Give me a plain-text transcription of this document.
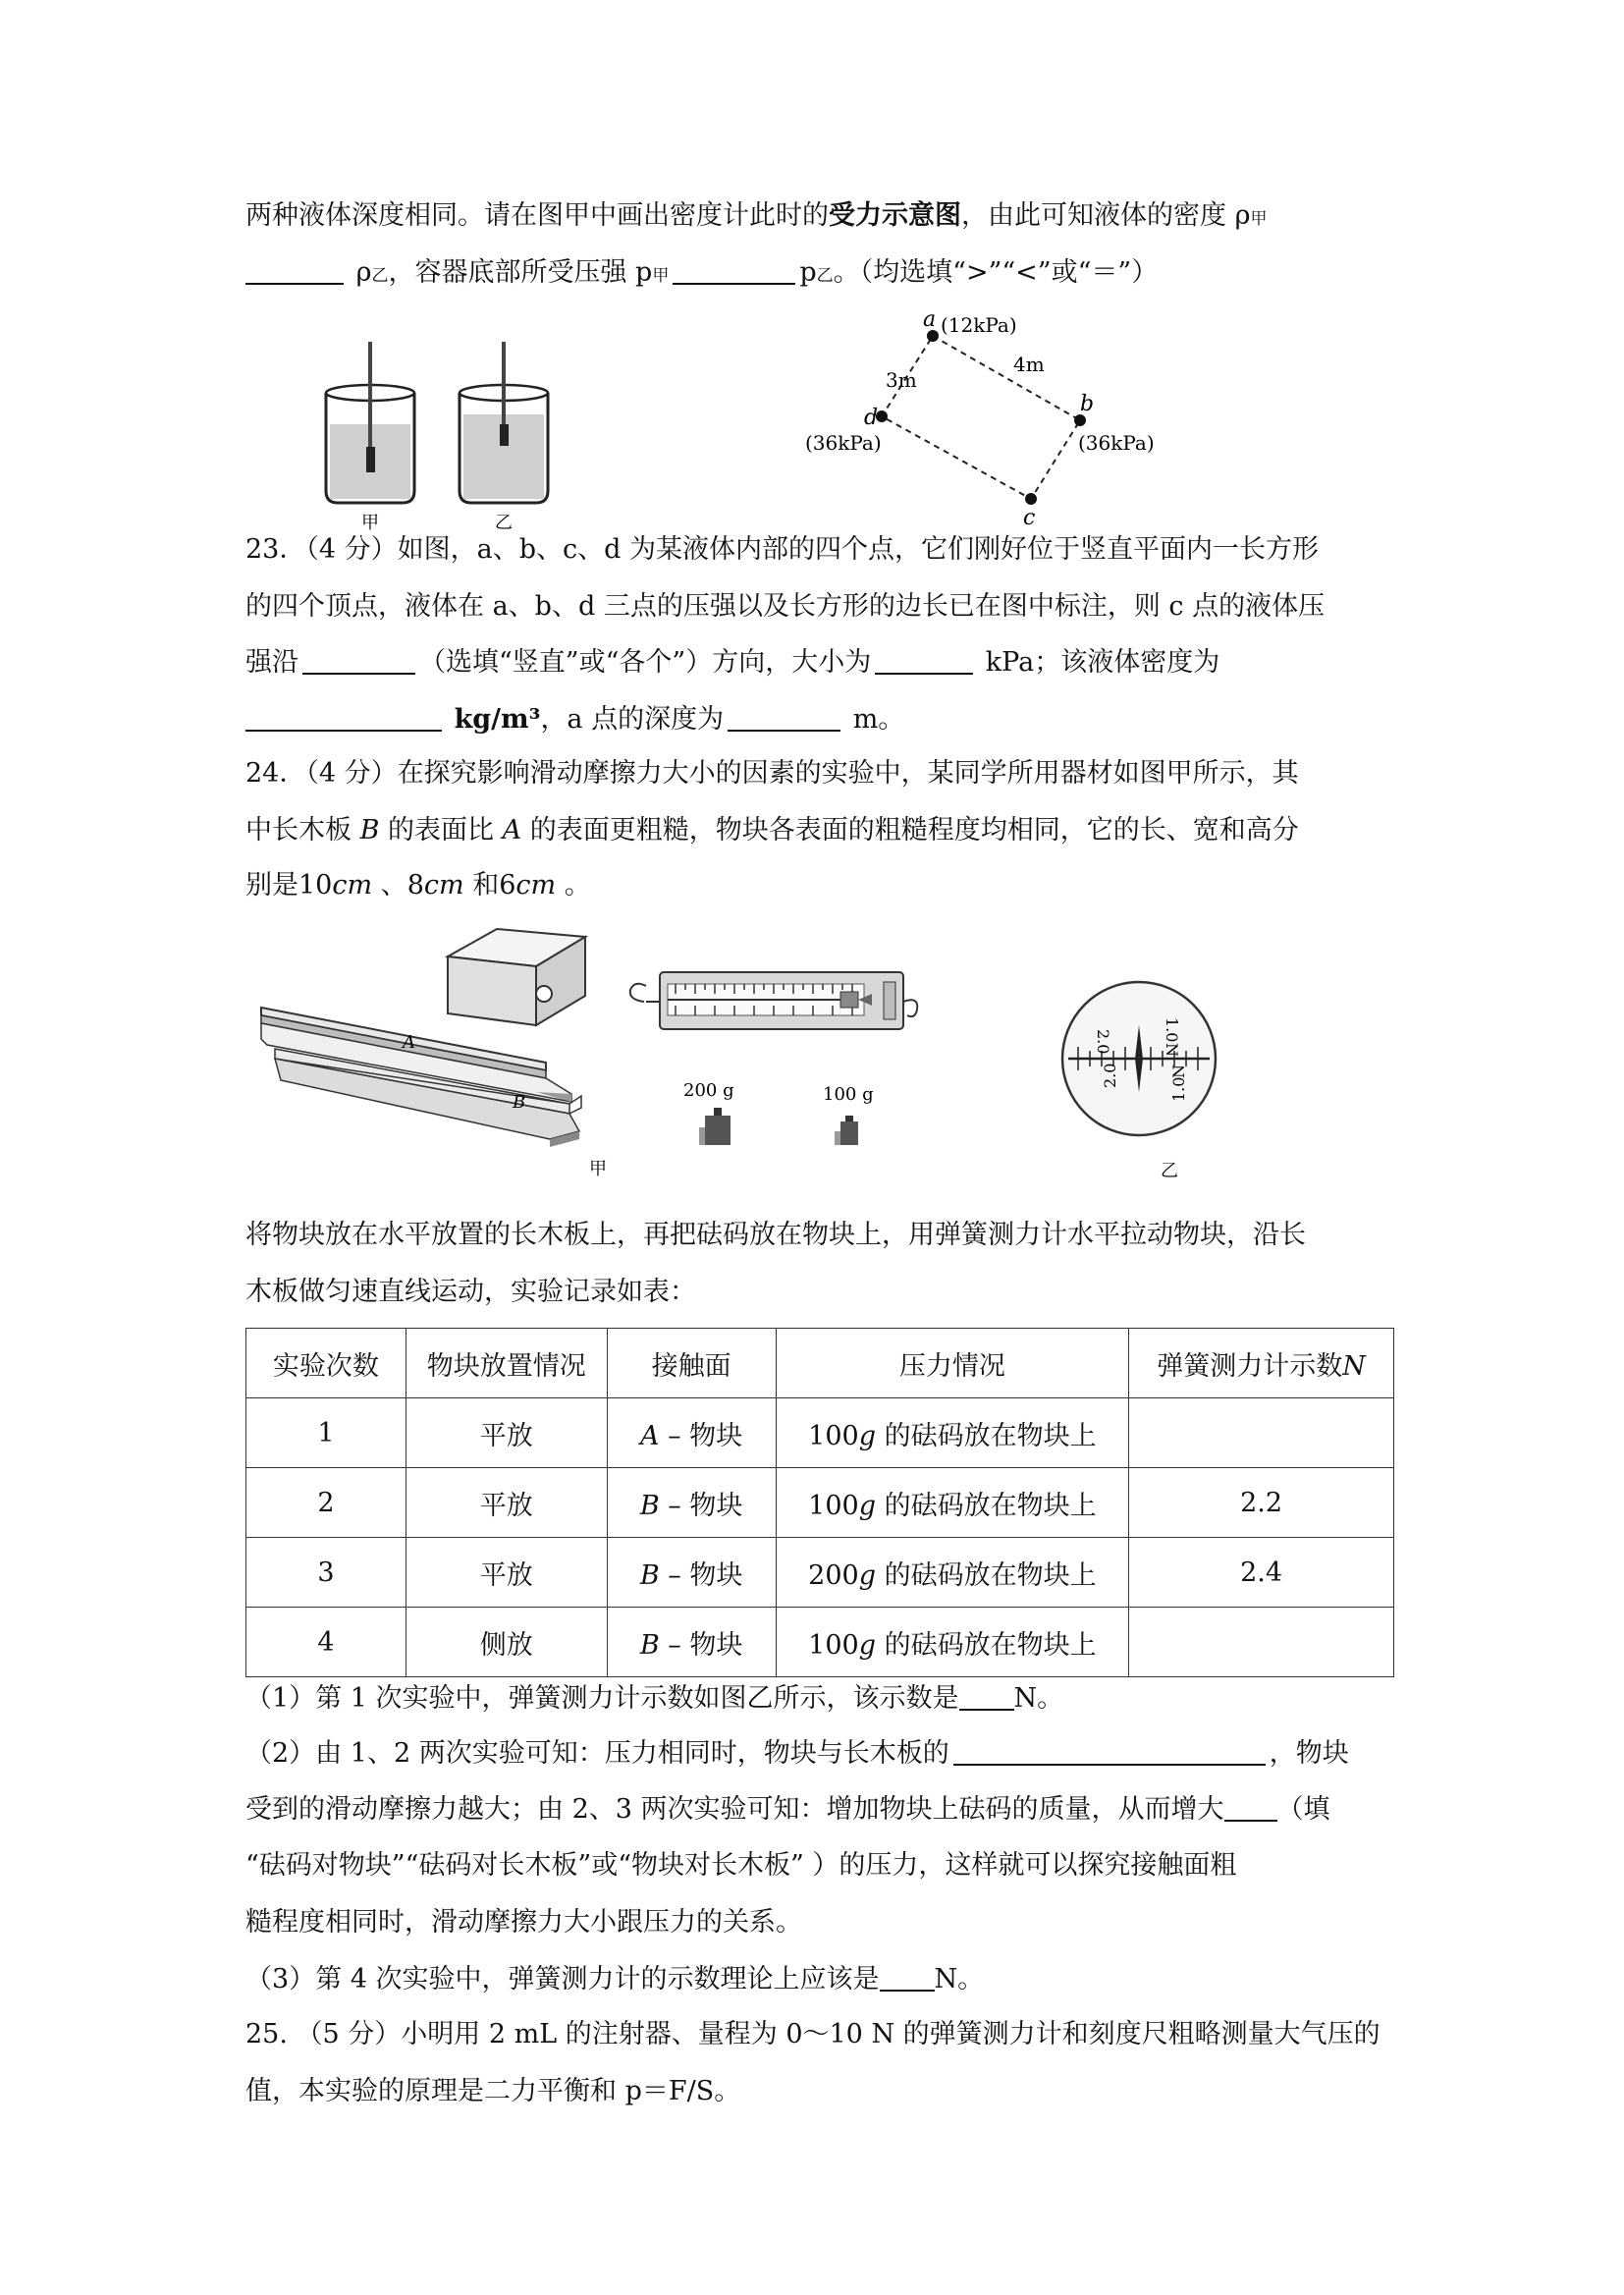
两种液体深度相同。请在图甲中画出密度计此时的受力示意图，由此可知液体的密度 ρ甲
ρ乙，容器底部所受压强 p甲	p乙。（均选填“>”“<”或“＝”）
甲	乙
a (12kPa)
3m
4m
d
(36kPa)
b
(36kPa)
c
23．（4 分）如图，a、b、c、d 为某液体内部的四个点，它们刚好位于竖直平面内一长方形
的四个顶点，液体在 a、b、d 三点的压强以及长方形的边长已在图中标注，则 c 点的液体压
强沿	（选填“竖直”或“各个”）方向，大小为	kPa；该液体密度为
kg/m³，a 点的深度为	m。
24．（4 分）在探究影响滑动摩擦力大小的因素的实验中，某同学所用器材如图甲所示，其
中长木板 B 的表面比 A 的表面更粗糙，物块各表面的粗糙程度均相同，它的长、宽和高分
别是10cm 、8cm 和6cm 。
A
B
200 g	100 g
甲
2.0	1.0
N
2.0
1.0
N
乙
将物块放在水平放置的长木板上，再把砝码放在物块上，用弹簧测力计水平拉动物块，沿长
木板做匀速直线运动，实验记录如表：
实验次数	物块放置情况	接触面	压力情况	弹簧测力计示数N
1	平放	A – 物块	100g 的砝码放在物块上	
2	平放	B – 物块	100g 的砝码放在物块上	2.2
3	平放	B – 物块	200g 的砝码放在物块上	2.4
4	侧放	B – 物块	100g 的砝码放在物块上	
（1）第 1 次实验中，弹簧测力计示数如图乙所示，该示数是 N。
（2）由 1、2 两次实验可知：压力相同时，物块与长木板的	，物块
受到的滑动摩擦力越大；由 2、3 两次实验可知：增加物块上砝码的质量，从而增大 （填
“砝码对物块”“砝码对长木板”或“物块对长木板” ）的压力，这样就可以探究接触面粗
糙程度相同时，滑动摩擦力大小跟压力的关系。
（3）第 4 次实验中，弹簧测力计的示数理论上应该是 N。
25. （5 分）小明用 2 mL 的注射器、量程为 0～10 N 的弹簧测力计和刻度尺粗略测量大气压的
值，本实验的原理是二力平衡和 p＝F/S。
